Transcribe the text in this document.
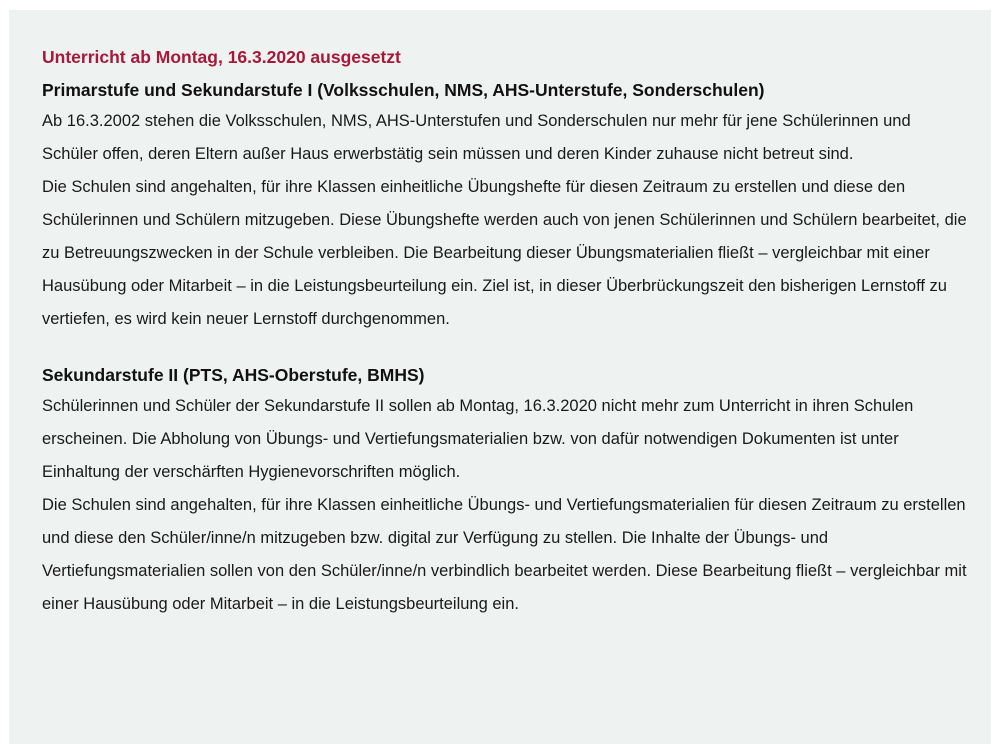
Unterricht ab Montag, 16.3.2020 ausgesetzt
Primarstufe und Sekundarstufe I (Volksschulen, NMS, AHS-Unterstufe, Sonderschulen)

Ab 16.3.2002 stehen die Volksschulen, NMS, AHS-Unterstufen und Sonderschulen nur mehr für jene Schülerinnen und Schüler offen, deren Eltern außer Haus erwerbstätig sein müssen und deren Kinder zuhause nicht betreut sind.

Die Schulen sind angehalten, für ihre Klassen einheitliche Übungshefte für diesen Zeitraum zu erstellen und diese den Schülerinnen und Schülern mitzugeben. Diese Übungshefte werden auch von jenen Schülerinnen und Schülern bearbeitet, die zu Betreuungszwecken in der Schule verbleiben. Die Bearbeitung dieser Übungsmaterialien fließt – vergleichbar mit einer Hausübung oder Mitarbeit – in die Leistungsbeurteilung ein. Ziel ist, in dieser Überbrückungszeit den bisherigen Lernstoff zu vertiefen, es wird kein neuer Lernstoff durchgenommen.

Sekundarstufe II (PTS, AHS-Oberstufe, BMHS)

Schülerinnen und Schüler der Sekundarstufe II sollen ab Montag, 16.3.2020 nicht mehr zum Unterricht in ihren Schulen erscheinen. Die Abholung von Übungs- und Vertiefungsmaterialien bzw. von dafür notwendigen Dokumenten ist unter Einhaltung der verschärften Hygienevorschriften möglich.

Die Schulen sind angehalten, für ihre Klassen einheitliche Übungs- und Vertiefungsmaterialien für diesen Zeitraum zu erstellen und diese den Schüler/inne/n mitzugeben bzw. digital zur Verfügung zu stellen. Die Inhalte der Übungs- und Vertiefungsmaterialien sollen von den Schüler/inne/n verbindlich bearbeitet werden. Diese Bearbeitung fließt – vergleichbar mit einer Hausübung oder Mitarbeit – in die Leistungsbeurteilung ein.
